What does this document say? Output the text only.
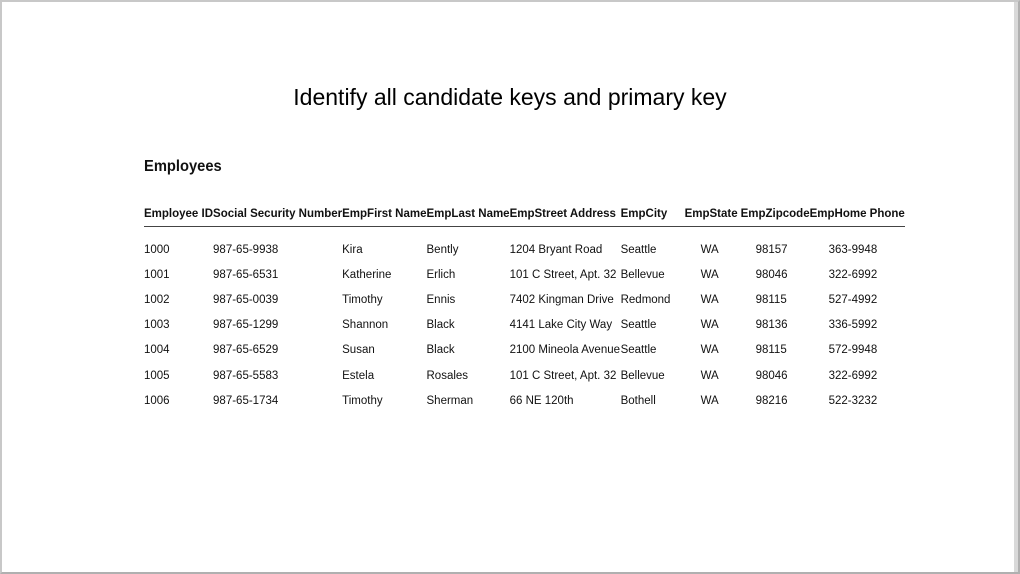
Identify all candidate keys and primary key
Employees
Employee ID	Social Security Number	EmpFirst Name	EmpLast Name	EmpStreet Address	EmpCity	EmpState	EmpZipcode	EmpHome Phone

1000	987-65-9938	Kira	Bently	1204 Bryant Road	Seattle	WA	98157	363-9948
1001	987-65-6531	Katherine	Erlich	101 C Street, Apt. 32	Bellevue	WA	98046	322-6992
1002	987-65-0039	Timothy	Ennis	7402 Kingman Drive	Redmond	WA	98115	527-4992
1003	987-65-1299	Shannon	Black	4141 Lake City Way	Seattle	WA	98136	336-5992
1004	987-65-6529	Susan	Black	2100 Mineola Avenue	Seattle	WA	98115	572-9948
1005	987-65-5583	Estela	Rosales	101 C Street, Apt. 32	Bellevue	WA	98046	322-6992
1006	987-65-1734	Timothy	Sherman	66 NE 120th	Bothell	WA	98216	522-3232
